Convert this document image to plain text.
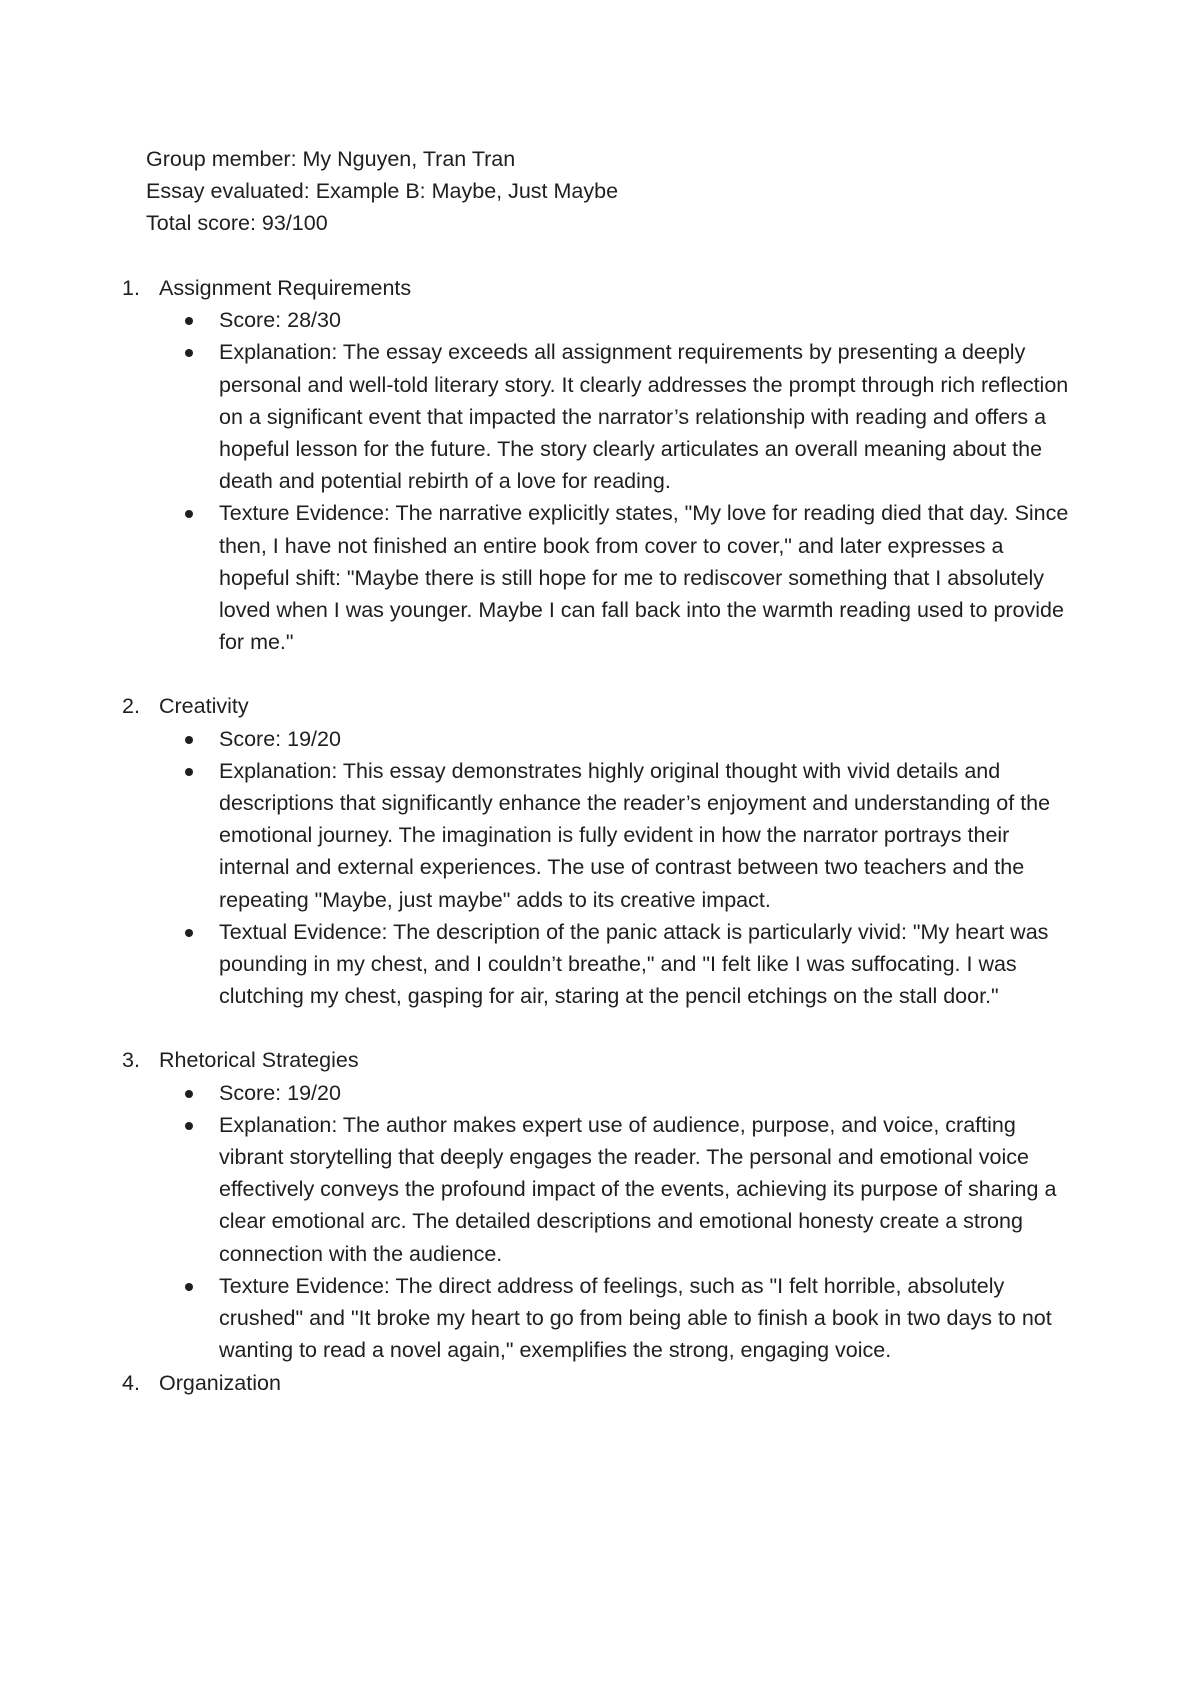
Group member: My Nguyen, Tran Tran
Essay evaluated: Example B: Maybe, Just Maybe
Total score: 93/100
1. Assignment Requirements
Score: 28/30
Explanation: The essay exceeds all assignment requirements by presenting a deeply personal and well-told literary story. It clearly addresses the prompt through rich reflection on a significant event that impacted the narrator’s relationship with reading and offers a hopeful lesson for the future. The story clearly articulates an overall meaning about the death and potential rebirth of a love for reading.
Texture Evidence: The narrative explicitly states, "My love for reading died that day. Since then, I have not finished an entire book from cover to cover," and later expresses a hopeful shift: "Maybe there is still hope for me to rediscover something that I absolutely loved when I was younger. Maybe I can fall back into the warmth reading used to provide for me."
2. Creativity
Score: 19/20
Explanation: This essay demonstrates highly original thought with vivid details and descriptions that significantly enhance the reader’s enjoyment and understanding of the emotional journey. The imagination is fully evident in how the narrator portrays their internal and external experiences. The use of contrast between two teachers and the repeating "Maybe, just maybe" adds to its creative impact.
Textual Evidence: The description of the panic attack is particularly vivid: "My heart was pounding in my chest, and I couldn’t breathe," and "I felt like I was suffocating. I was clutching my chest, gasping for air, staring at the pencil etchings on the stall door."
3. Rhetorical Strategies
Score: 19/20
Explanation: The author makes expert use of audience, purpose, and voice, crafting vibrant storytelling that deeply engages the reader. The personal and emotional voice effectively conveys the profound impact of the events, achieving its purpose of sharing a clear emotional arc. The detailed descriptions and emotional honesty create a strong connection with the audience.
Texture Evidence: The direct address of feelings, such as "I felt horrible, absolutely crushed" and "It broke my heart to go from being able to finish a book in two days to not wanting to read a novel again," exemplifies the strong, engaging voice.
4. Organization
